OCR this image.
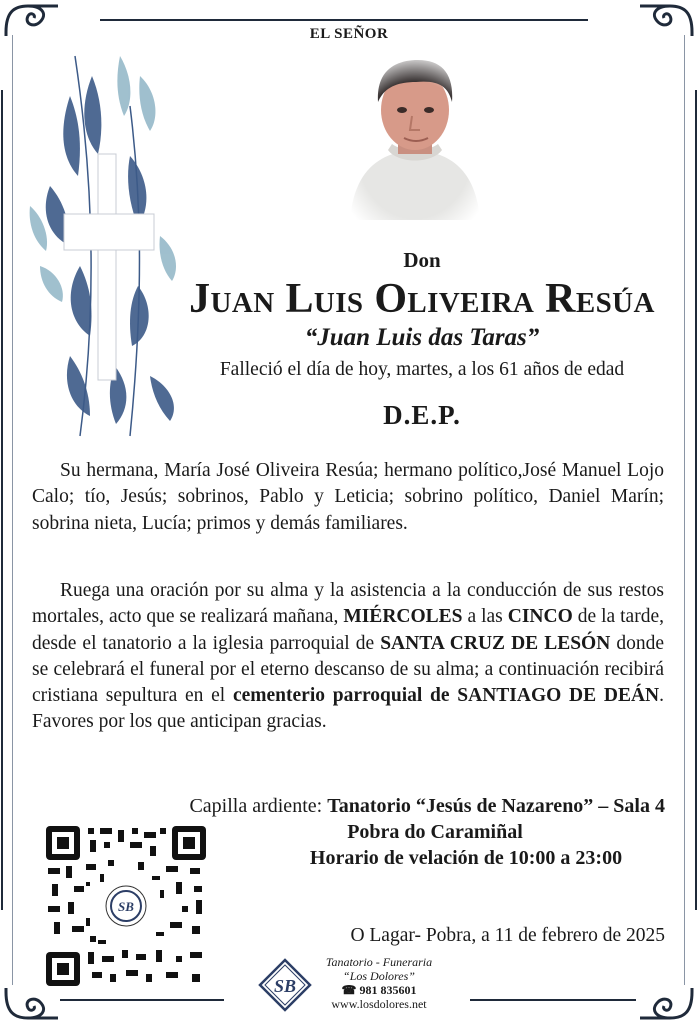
EL SEÑOR
Don
Juan Luis Oliveira Resúa
“Juan Luis das Taras”
Falleció el día de hoy, martes, a los 61 años de edad
D.E.P.
Su hermana, María José Oliveira Resúa; hermano político,José Manuel Lojo Calo; tío, Jesús; sobrinos, Pablo y Leticia; sobrino político, Daniel Marín; sobrina nieta, Lucía; primos y demás familiares.
Ruega una oración por su alma y la asistencia a la conducción de sus restos mortales, acto que se realizará mañana, MIÉRCOLES a las CINCO de la tarde, desde el tanatorio a la iglesia parroquial de SANTA CRUZ DE LESÓN donde se celebrará el funeral por el eterno descanso de su alma; a continuación recibirá cristiana sepultura en el cementerio parroquial de SANTIAGO DE DEÁN. Favores por los que anticipan gracias.
Capilla ardiente: Tanatorio “Jesús de Nazareno” – Sala 4
Pobra do Caramiñal
Horario de velación de 10:00 a 23:00
SB
O Lagar- Pobra, a 11 de febrero de 2025
SB
Tanatorio - Funeraria
“Los Dolores”
☎ 981 835601
www.losdolores.net
